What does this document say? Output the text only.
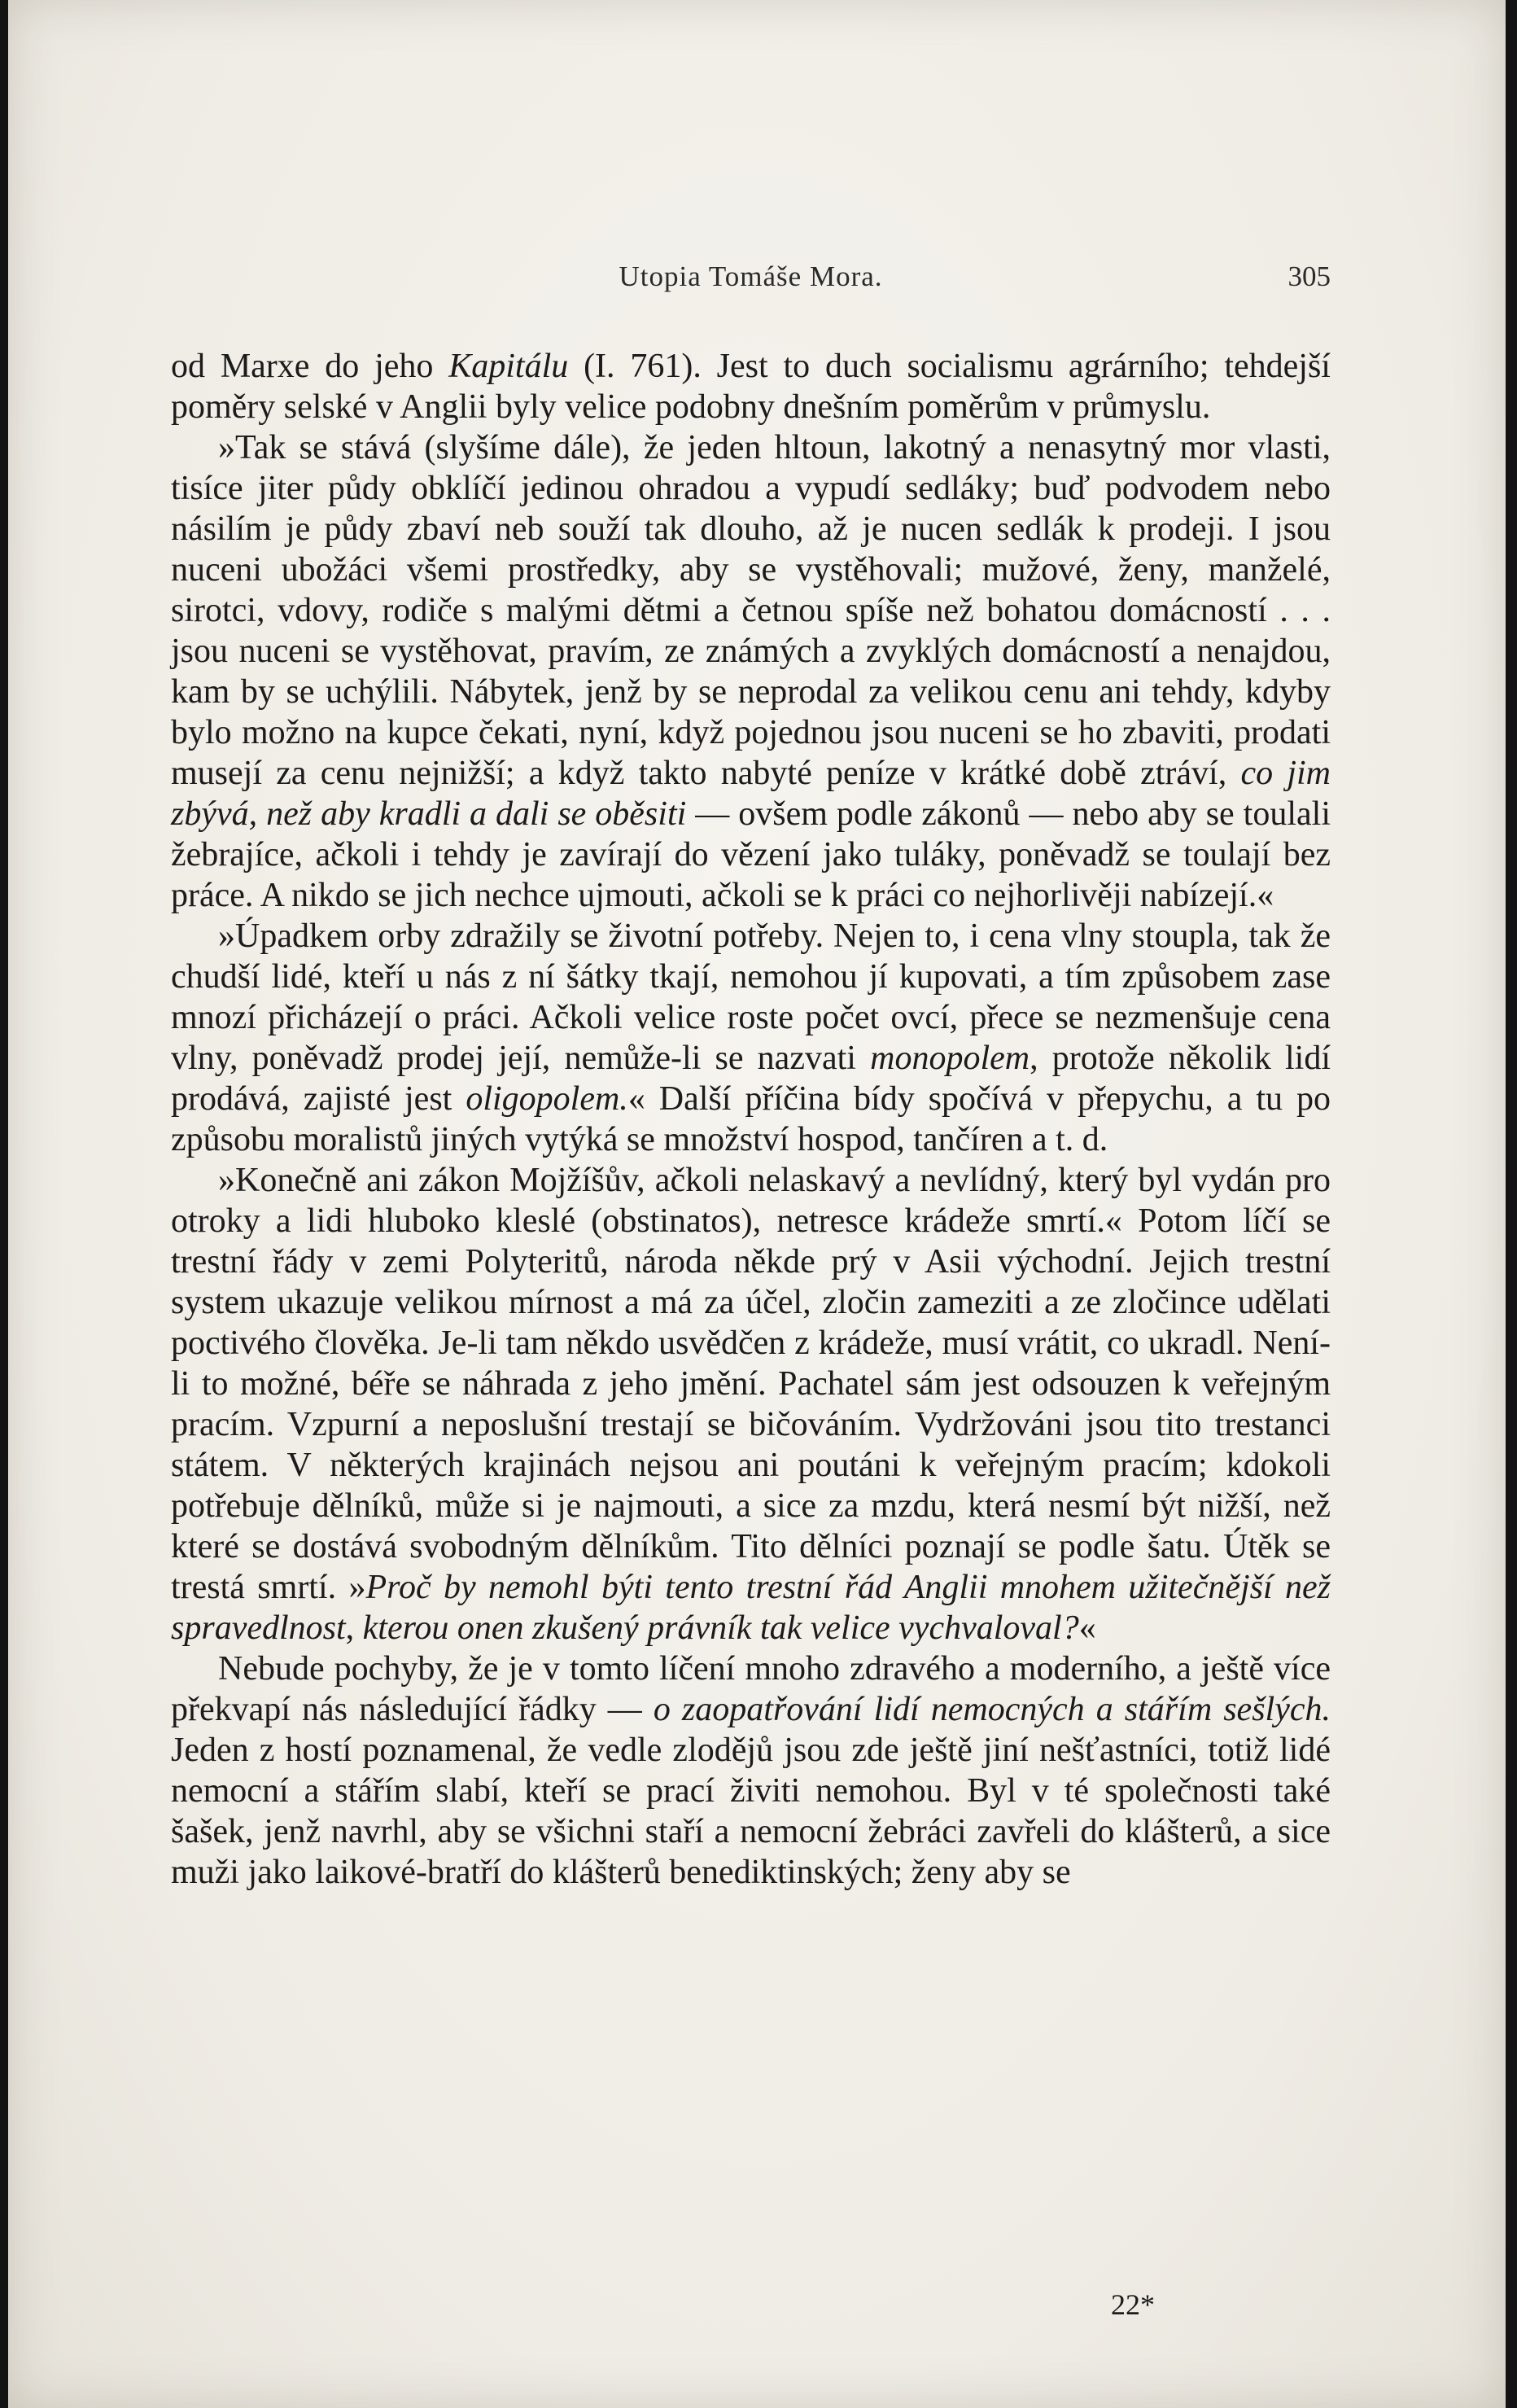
Utopia Tomáše Mora.	305

od Marxe do jeho Kapitálu (I. 761). Jest to duch socialismu agrárního; tehdejší poměry selské v Anglii byly velice podobny dnešním poměrům v průmyslu.

»Tak se stává (slyšíme dále), že jeden hltoun, lakotný a nenasytný mor vlasti, tisíce jiter půdy obklíčí jedinou ohradou a vypudí sedláky; buď podvodem nebo násilím je půdy zbaví neb souží tak dlouho, až je nucen sedlák k prodeji. I jsou nuceni ubožáci všemi prostředky, aby se vystěhovali; mužové, ženy, manželé, sirotci, vdovy, rodiče s malými dětmi a četnou spíše než bohatou domácností . . . jsou nuceni se vystěhovat, pravím, ze známých a zvyklých domácností a nenajdou, kam by se uchýlili. Nábytek, jenž by se neprodal za velikou cenu ani tehdy, kdyby bylo možno na kupce čekati, nyní, když pojednou jsou nuceni se ho zbaviti, prodati musejí za cenu nejnižší; a když takto nabyté peníze v krátké době ztráví, co jim zbývá, než aby kradli a dali se oběsiti — ovšem podle zákonů — nebo aby se toulali žebrajíce, ačkoli i tehdy je zavírají do vězení jako tuláky, poněvadž se toulají bez práce. A nikdo se jich nechce ujmouti, ačkoli se k práci co nejhorlivěji nabízejí.«

»Úpadkem orby zdražily se životní potřeby. Nejen to, i cena vlny stoupla, tak že chudší lidé, kteří u nás z ní šátky tkají, nemohou jí kupovati, a tím způsobem zase mnozí přicházejí o práci. Ačkoli velice roste počet ovcí, přece se nezmenšuje cena vlny, poněvadž prodej její, nemůže-li se nazvati monopolem, protože několik lidí prodává, zajisté jest oligopolem.« Další příčina bídy spočívá v přepychu, a tu po způsobu moralistů jiných vytýká se množství hospod, tančíren a t. d.

»Konečně ani zákon Mojžíšův, ačkoli nelaskavý a nevlídný, který byl vydán pro otroky a lidi hluboko kleslé (obstinatos), netresce krádeže smrtí.« Potom líčí se trestní řády v zemi Polyteritů, národa někde prý v Asii východní. Jejich trestní system ukazuje velikou mírnost a má za účel, zločin zameziti a ze zločince udělati poctivého člověka. Je-li tam někdo usvědčen z krádeže, musí vrátit, co ukradl. Není-li to možné, béře se náhrada z jeho jmění. Pachatel sám jest odsouzen k veřejným pracím. Vzpurní a neposlušní trestají se bičováním. Vydržováni jsou tito trestanci státem. V některých krajinách nejsou ani poutáni k veřejným pracím; kdokoli potřebuje dělníků, může si je najmouti, a sice za mzdu, která nesmí být nižší, než které se dostává svobodným dělníkům. Tito dělníci poznají se podle šatu. Útěk se trestá smrtí. »Proč by nemohl býti tento trestní řád Anglii mnohem užitečnější než spravedlnost, kterou onen zkušený právník tak velice vychvaloval?«

Nebude pochyby, že je v tomto líčení mnoho zdravého a moderního, a ještě více překvapí nás následující řádky — o zaopatřování lidí nemocných a stářím sešlých. Jeden z hostí poznamenal, že vedle zlodějů jsou zde ještě jiní nešťastníci, totiž lidé nemocní a stářím slabí, kteří se prací živiti nemohou. Byl v té společnosti také šašek, jenž navrhl, aby se všichni staří a nemocní žebráci zavřeli do klášterů, a sice muži jako laikové-bratří do klášterů benediktinských; ženy aby se

22*
